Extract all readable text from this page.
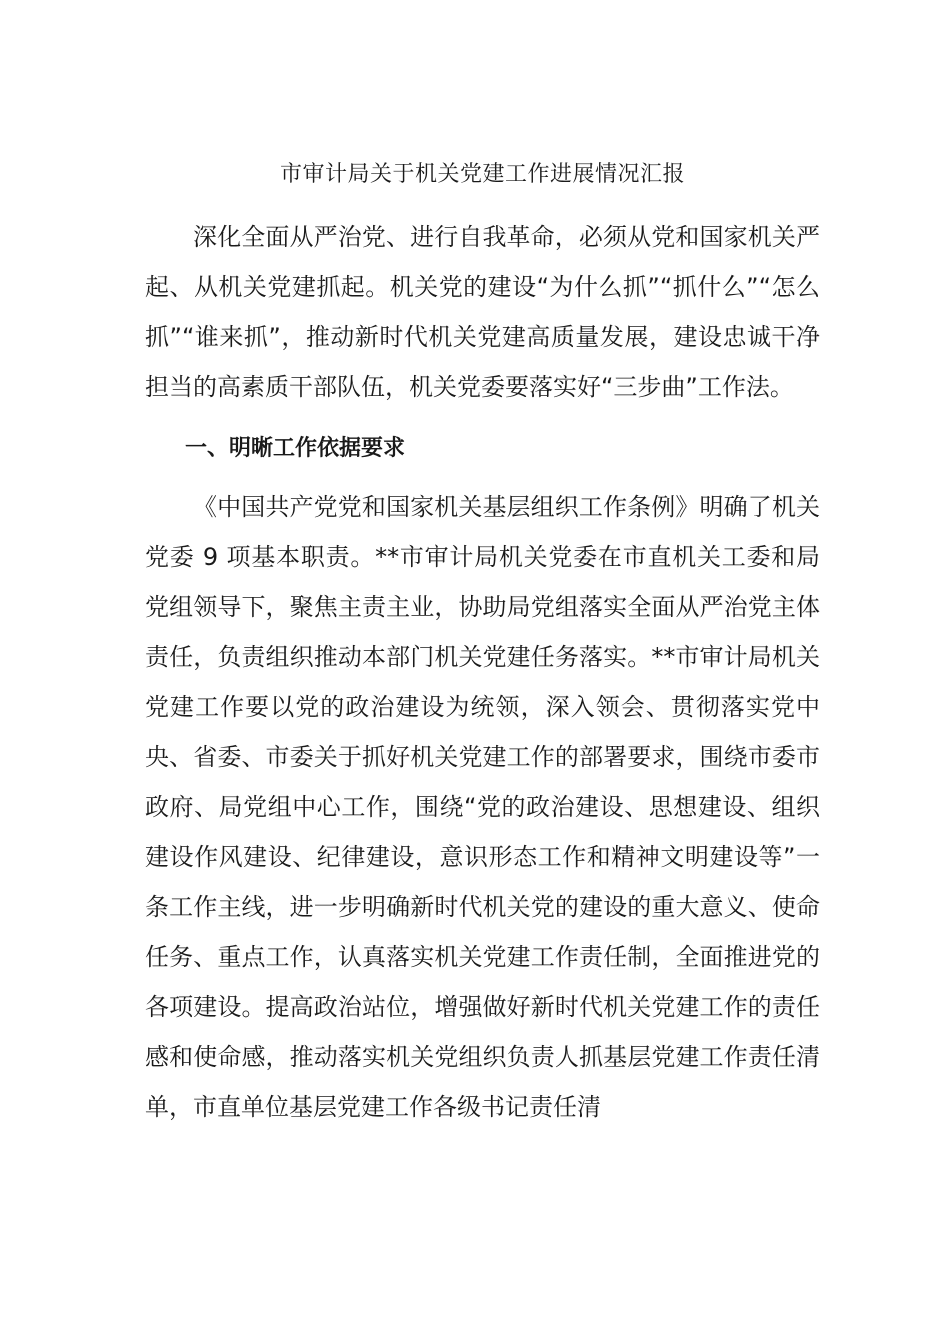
市审计局关于机关党建工作进展情况汇报

深化全面从严治党、进行自我革命，必须从党和国家机关严起、从机关党建抓起。机关党的建设“为什么抓”“抓什么”“怎么抓”“谁来抓”，推动新时代机关党建高质量发展，建设忠诚干净担当的高素质干部队伍，机关党委要落实好“三步曲”工作法。

一、明晰工作依据要求

《中国共产党党和国家机关基层组织工作条例》明确了机关党委 9 项基本职责。**市审计局机关党委在市直机关工委和局党组领导下，聚焦主责主业，协助局党组落实全面从严治党主体责任，负责组织推动本部门机关党建任务落实。**市审计局机关党建工作要以党的政治建设为统领，深入领会、贯彻落实党中央、省委、市委关于抓好机关党建工作的部署要求，围绕市委市政府、局党组中心工作，围绕“党的政治建设、思想建设、组织建设作风建设、纪律建设，意识形态工作和精神文明建设等”一条工作主线，进一步明确新时代机关党的建设的重大意义、使命任务、重点工作，认真落实机关党建工作责任制，全面推进党的各项建设。提高政治站位，增强做好新时代机关党建工作的责任感和使命感，推动落实机关党组织负责人抓基层党建工作责任清单，市直单位基层党建工作各级书记责任清
